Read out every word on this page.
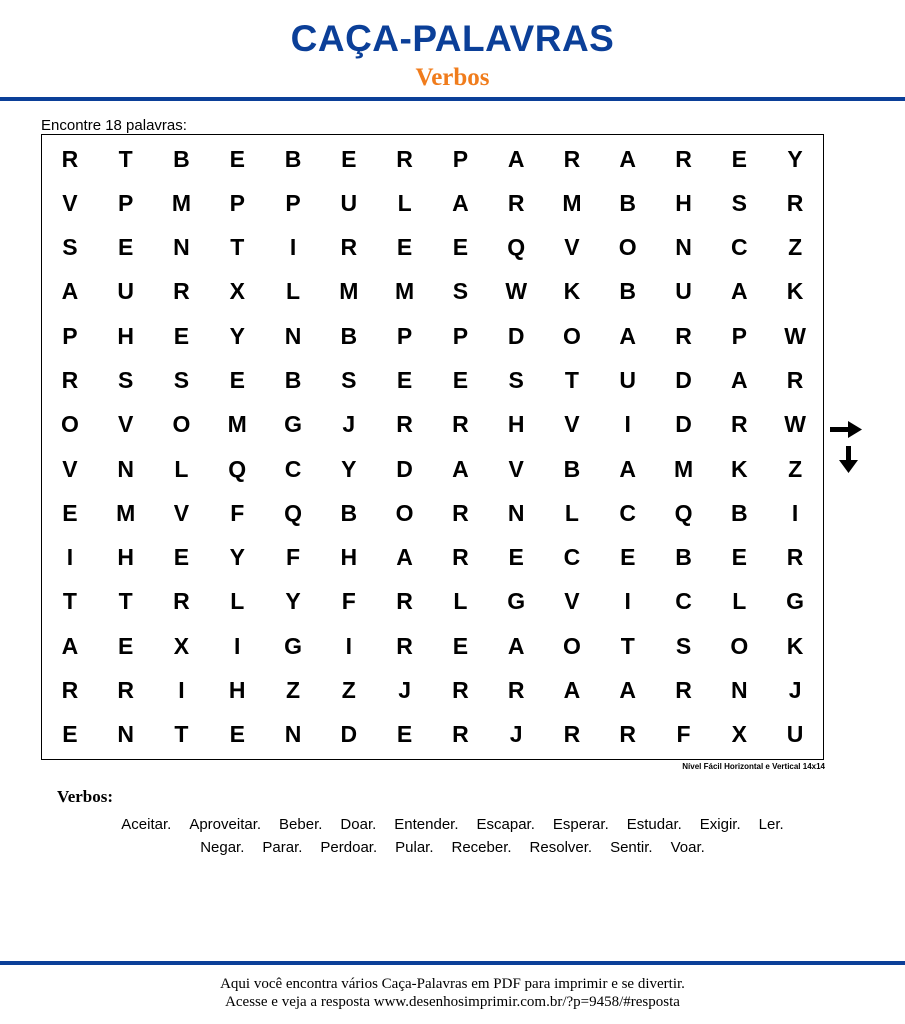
CAÇA-PALAVRAS
Verbos
Encontre 18 palavras:
R	T	B	E	B	E	R	P	A	R	A	R	E	Y
V	P	M	P	P	U	L	A	R	M	B	H	S	R
S	E	N	T	I	R	E	E	Q	V	O	N	C	Z
A	U	R	X	L	M	M	S	W	K	B	U	A	K
P	H	E	Y	N	B	P	P	D	O	A	R	P	W
R	S	S	E	B	S	E	E	S	T	U	D	A	R
O	V	O	M	G	J	R	R	H	V	I	D	R	W
V	N	L	Q	C	Y	D	A	V	B	A	M	K	Z
E	M	V	F	Q	B	O	R	N	L	C	Q	B	I
I	H	E	Y	F	H	A	R	E	C	E	B	E	R
T	T	R	L	Y	F	R	L	G	V	I	C	L	G
A	E	X	I	G	I	R	E	A	O	T	S	O	K
R	R	I	H	Z	Z	J	R	R	A	A	R	N	J
E	N	T	E	N	D	E	R	J	R	R	F	X	U
Nível Fácil Horizontal e Vertical 14x14
Verbos:
Aceitar. Aproveitar. Beber. Doar. Entender. Escapar. Esperar. Estudar. Exigir. Ler.
Negar. Parar. Perdoar. Pular. Receber. Resolver. Sentir. Voar.
Aqui você encontra vários Caça-Palavras em PDF para imprimir e se divertir.
Acesse e veja a resposta www.desenhosimprimir.com.br/?p=9458/#resposta
